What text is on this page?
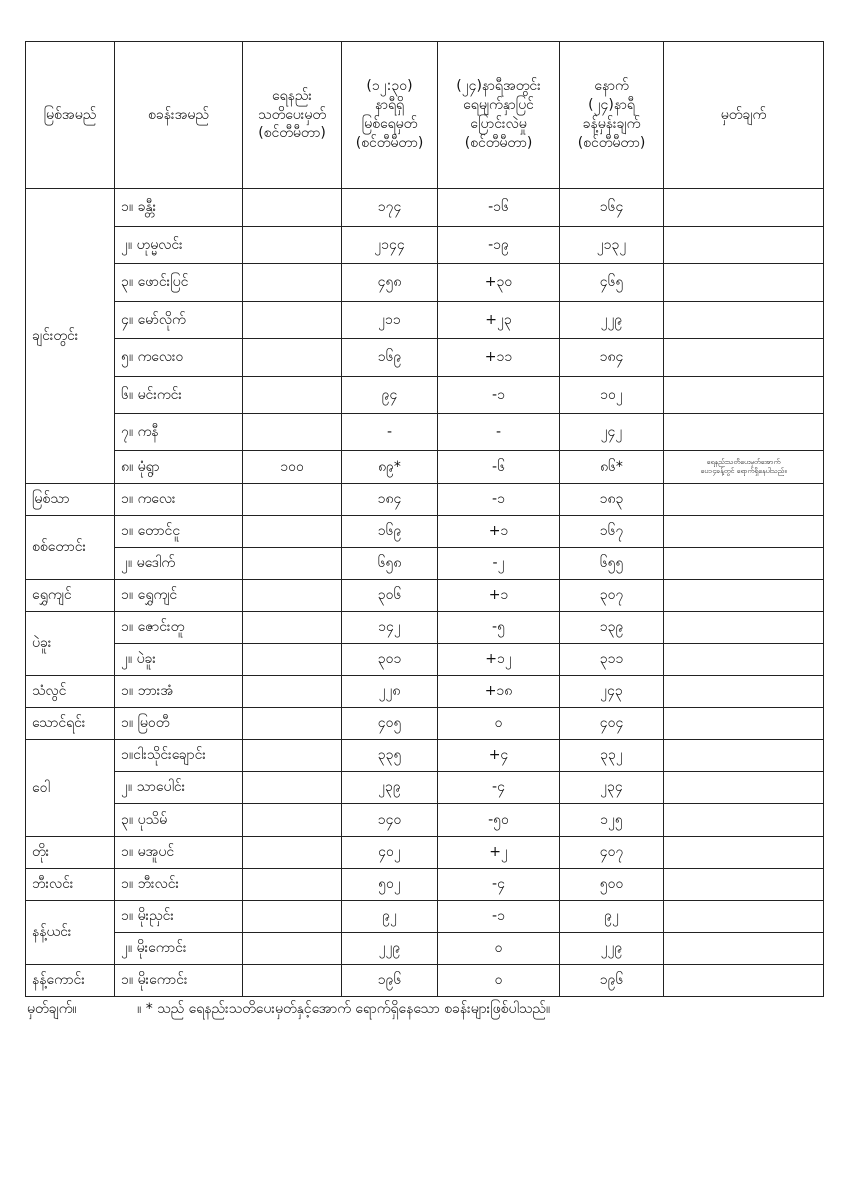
မြစ်အမည်	စခန်းအမည်	ရေနည်း
သတိပေးမှတ်
(စင်တီမီတာ)	(၁၂:၃၀)
နာရီရှိ
မြစ်ရေမှတ်
(စင်တီမီတာ)	(၂၄)နာရီအတွင်း
ရေမျက်နှာပြင်
ပြောင်းလဲမှု
(စင်တီမီတာ)	နောက်
(၂၄)နာရီ
ခန့်မှန်းချက်
(စင်တီမီတာ)	မှတ်ချက်

ချင်းတွင်း	၁။ ခန္တီး		၁၇၄	-၁၆	၁၆၄	
	၂။ ဟုမ္မလင်း		၂၁၄၄	-၁၉	၂၁၃၂	
	၃။ ဖောင်းပြင်		၄၅၈	+၃၀	၄၆၅	
	၄။ မော်လိုက်		၂၁၁	+၂၃	၂၂၉	
	၅။ ကလေးဝ		၁၆၉	+၁၁	၁၈၄	
	၆။ မင်းကင်း		၉၄	-၁	၁၀၂	
	၇။ ကနီ		-	-	၂၄၂	
	၈။ မုံရွာ	၁၀၀	၈၉*	-၆	၈၆*	ရေနည်းသတိပေးမှတ်အောက်
ပေ၁၄ခန့်တွင် ရောက်ရှိနေပါသည်။
မြစ်သာ	၁။ ကလေး		၁၈၄	-၁	၁၈၃	
စစ်တောင်း	၁။ တောင်ငူ		၁၆၉	+၁	၁၆၇	
	၂။ မဒေါက်		၆၅၈	-၂	၆၅၅	
ရွှေကျင်	၁။ ရွှေကျင်		၃၀၆	+၁	၃၀၇	
ပဲခူး	၁။ ဇောင်းတူ		၁၄၂	-၅	၁၃၉	
	၂။ ပဲခူး		၃၀၁	+၁၂	၃၁၁	
သံလွင်	၁။ ဘားအံ		၂၂၈	+၁၈	၂၄၃	
သောင်ရင်း	၁။ မြဝတီ		၄၀၅	၀	၄၀၄	
ဝေါ	၁။ငါးသိုင်းချောင်း		၃၃၅	+၄	၃၃၂	
	၂။ သာပေါင်း		၂၃၉	-၄	၂၃၄	
	၃။ ပုသိမ်		၁၄၀	-၅၀	၁၂၅	
တိုး	၁။ မအူပင်		၄၀၂	+၂	၄၀၇	
ဘီးလင်း	၁။ ဘီးလင်း		၅၀၂	-၄	၅၀၀	
နန့်ယင်း	၁။ မိုးညှင်း		၉၂	-၁	၉၂	
	၂။ မိုးကောင်း		၂၂၉	၀	၂၂၉	
နန့်ကောင်း	၁။ မိုးကောင်း		၁၉၆	၀	၁၉၆	
မှတ်ချက်။	။ * သည် ရေနည်းသတိပေးမှတ်နှင့်အောက် ရောက်ရှိနေသော စခန်းများဖြစ်ပါသည်။
